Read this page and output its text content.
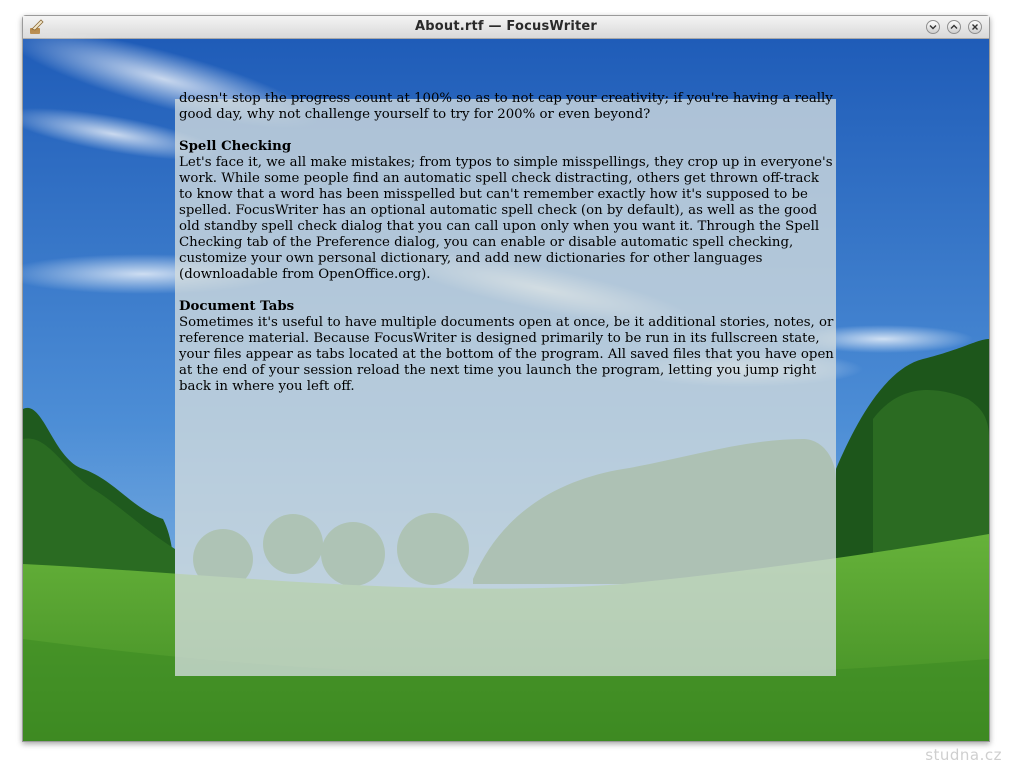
About.rtf — FocusWriter

doesn't stop the progress count at 100% so as to not cap your creativity; if you're having a really

good day, why not challenge yourself to try for 200% or even beyond?

Spell Checking

Let's face it, we all make mistakes; from typos to simple misspellings, they crop up in everyone's work. While some people find an automatic spell check distracting, others get thrown off-track to know that a word has been misspelled but can't remember exactly how it's supposed to be spelled. FocusWriter has an optional automatic spell check (on by default), as well as the good old standby spell check dialog that you can call upon only when you want it. Through the Spell Checking tab of the Preference dialog, you can enable or disable automatic spell checking, customize your own personal dictionary, and add new dictionaries for other languages (downloadable from OpenOffice.org).

Document Tabs

Sometimes it's useful to have multiple documents open at once, be it additional stories, notes, or reference material. Because FocusWriter is designed primarily to be run in its fullscreen state, your files appear as tabs located at the bottom of the program. All saved files that you have open at the end of your session reload the next time you launch the program, letting you jump right back in where you left off.

studna.cz
